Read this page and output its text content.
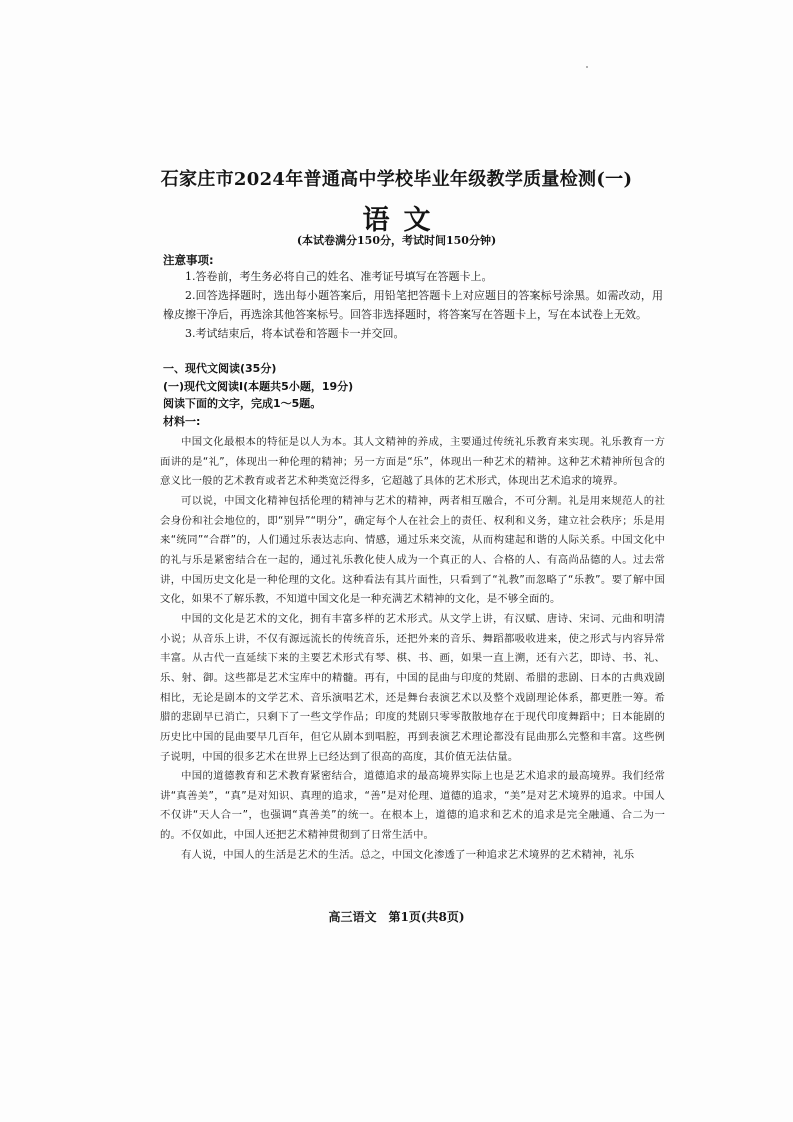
石家庄市2024年普通高中学校毕业年级教学质量检测(一)
语文
(本试卷满分150分，考试时间150分钟)
注意事项:
1.答卷前，考生务必将自己的姓名、准考证号填写在答题卡上。
2.回答选择题时，选出每小题答案后，用铅笔把答题卡上对应题目的答案标号涂黑。如需改动，用橡皮擦干净后，再选涂其他答案标号。回答非选择题时，将答案写在答题卡上，写在本试卷上无效。
3.考试结束后，将本试卷和答题卡一并交回。
一、现代文阅读(35分)
(一)现代文阅读Ⅰ(本题共5小题，19分)
阅读下面的文字，完成1～5题。
材料一:

中国文化最根本的特征是以人为本。其人文精神的养成，主要通过传统礼乐教育来实现。礼乐教育一方面讲的是“礼”，体现出一种伦理的精神；另一方面是“乐”，体现出一种艺术的精神。这种艺术精神所包含的意义比一般的艺术教育或者艺术种类宽泛得多，它超越了具体的艺术形式，体现出艺术追求的境界。

可以说，中国文化精神包括伦理的精神与艺术的精神，两者相互融合，不可分割。礼是用来规范人的社会身份和社会地位的，即“别异”“明分”，确定每个人在社会上的责任、权利和义务，建立社会秩序；乐是用来“统同”“合群”的，人们通过乐表达志向、情感，通过乐来交流，从而构建起和谐的人际关系。中国文化中的礼与乐是紧密结合在一起的，通过礼乐教化使人成为一个真正的人、合格的人、有高尚品德的人。过去常讲，中国历史文化是一种伦理的文化。这种看法有其片面性，只看到了“礼教”而忽略了“乐教”。要了解中国文化，如果不了解乐教，不知道中国文化是一种充满艺术精神的文化，是不够全面的。

中国的文化是艺术的文化，拥有丰富多样的艺术形式。从文学上讲，有汉赋、唐诗、宋词、元曲和明清小说；从音乐上讲，不仅有源远流长的传统音乐，还把外来的音乐、舞蹈都吸收进来，使之形式与内容异常丰富。从古代一直延续下来的主要艺术形式有琴、棋、书、画，如果一直上溯，还有六艺，即诗、书、礼、乐、射、御。这些都是艺术宝库中的精髓。再有，中国的昆曲与印度的梵剧、希腊的悲剧、日本的古典戏剧相比，无论是剧本的文学艺术、音乐演唱艺术，还是舞台表演艺术以及整个戏剧理论体系，都更胜一筹。希腊的悲剧早已消亡，只剩下了一些文学作品；印度的梵剧只零零散散地存在于现代印度舞蹈中；日本能剧的历史比中国的昆曲要早几百年，但它从剧本到唱腔，再到表演艺术理论都没有昆曲那么完整和丰富。这些例子说明，中国的很多艺术在世界上已经达到了很高的高度，其价值无法估量。

中国的道德教育和艺术教育紧密结合，道德追求的最高境界实际上也是艺术追求的最高境界。我们经常讲“真善美”，“真”是对知识、真理的追求，“善”是对伦理、道德的追求，“美”是对艺术境界的追求。中国人不仅讲“天人合一”，也强调“真善美”的统一。在根本上，道德的追求和艺术的追求是完全融通、合二为一的。不仅如此，中国人还把艺术精神贯彻到了日常生活中。

有人说，中国人的生活是艺术的生活。总之，中国文化渗透了一种追求艺术境界的艺术精神，礼乐

高三语文　第1页(共8页)
